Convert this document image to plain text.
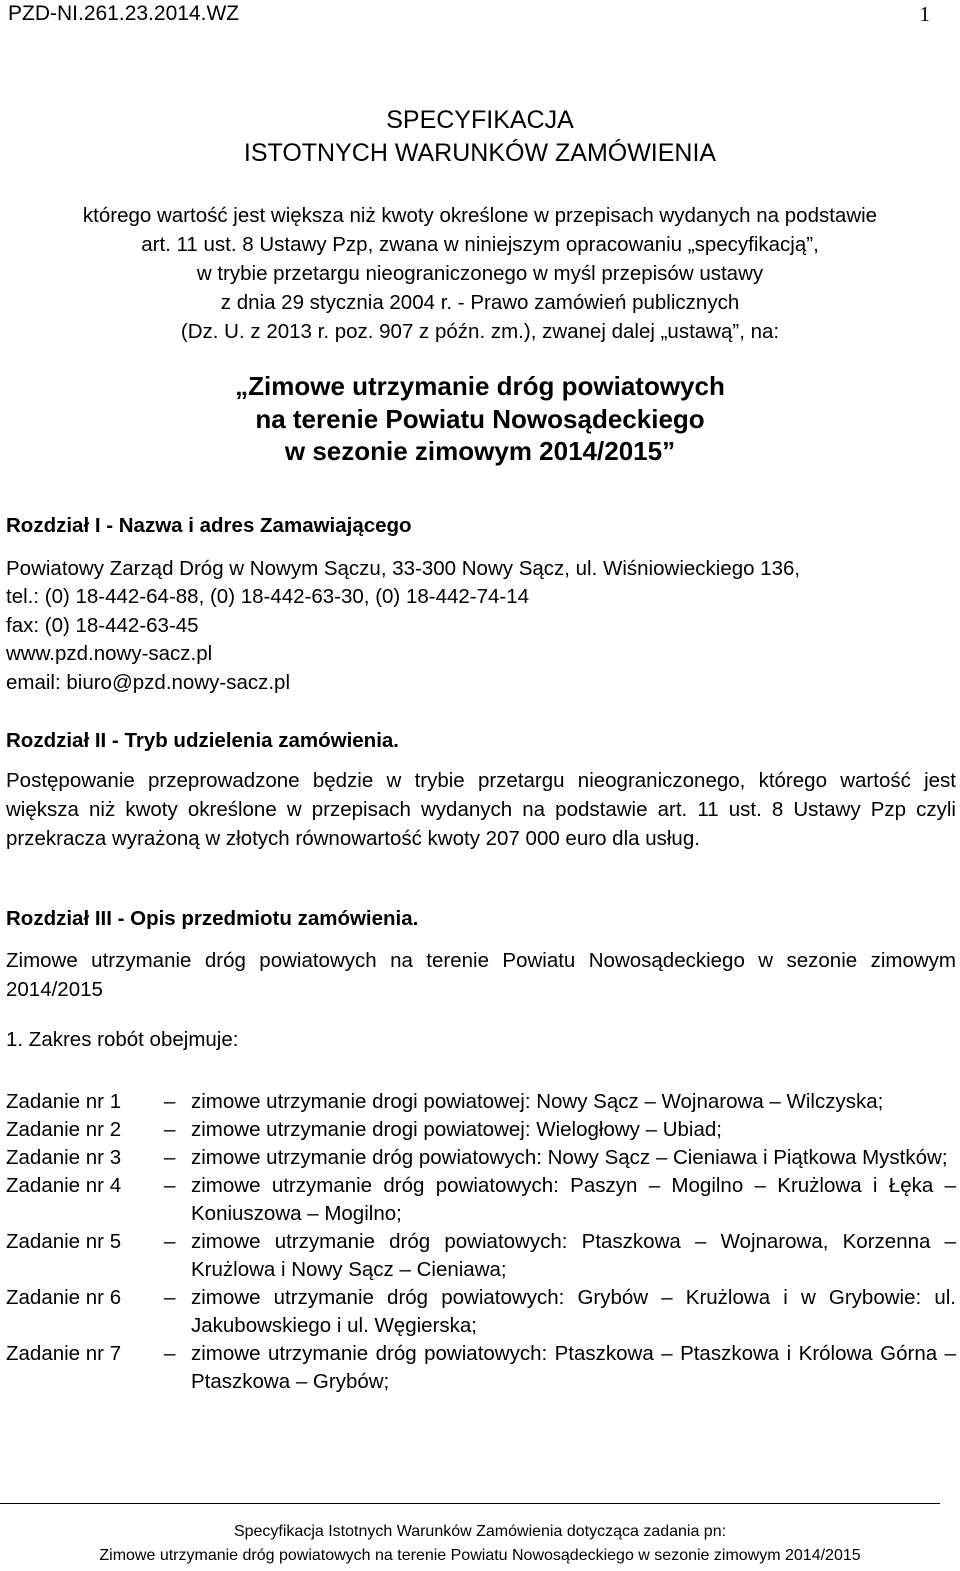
PZD-NI.261.23.2014.WZ	1
SPECYFIKACJA
ISTOTNYCH WARUNKÓW ZAMÓWIENIA
którego wartość jest większa niż kwoty określone w przepisach wydanych na podstawie
art. 11 ust. 8 Ustawy Pzp, zwana w niniejszym opracowaniu „specyfikacją”,
w trybie przetargu nieograniczonego w myśl przepisów ustawy
z dnia 29 stycznia 2004 r. - Prawo zamówień publicznych
(Dz. U. z 2013 r. poz. 907 z późn. zm.), zwanej dalej „ustawą”, na:
„Zimowe utrzymanie dróg powiatowych
na terenie Powiatu Nowosądeckiego
w sezonie zimowym 2014/2015”
Rozdział I - Nazwa i adres Zamawiającego
Powiatowy Zarząd Dróg w Nowym Sączu, 33-300 Nowy Sącz, ul. Wiśniowieckiego 136,
tel.: (0) 18-442-64-88, (0) 18-442-63-30, (0) 18-442-74-14
fax: (0) 18-442-63-45
www.pzd.nowy-sacz.pl
email: biuro@pzd.nowy-sacz.pl
Rozdział II - Tryb udzielenia zamówienia.
Postępowanie przeprowadzone będzie w trybie przetargu nieograniczonego, którego wartość jest większa niż kwoty określone w przepisach wydanych na podstawie art. 11 ust. 8 Ustawy Pzp czyli przekracza wyrażoną w złotych równowartość kwoty 207 000 euro dla usług.
Rozdział III - Opis przedmiotu zamówienia.
Zimowe utrzymanie dróg powiatowych na terenie Powiatu Nowosądeckiego w sezonie zimowym 2014/2015
1. Zakres robót obejmuje:
Zadanie nr 1 – zimowe utrzymanie drogi powiatowej: Nowy Sącz – Wojnarowa – Wilczyska;
Zadanie nr 2 – zimowe utrzymanie drogi powiatowej: Wielogłowy – Ubiad;
Zadanie nr 3 – zimowe utrzymanie dróg powiatowych: Nowy Sącz – Cieniawa i Piątkowa Mystków;
Zadanie nr 4 – zimowe utrzymanie dróg powiatowych: Paszyn – Mogilno – Krużlowa i Łęka – Koniuszowa – Mogilno;
Zadanie nr 5 – zimowe utrzymanie dróg powiatowych: Ptaszkowa – Wojnarowa, Korzenna – Krużlowa i Nowy Sącz – Cieniawa;
Zadanie nr 6 – zimowe utrzymanie dróg powiatowych: Grybów – Krużlowa i w Grybowie: ul. Jakubowskiego i ul. Węgierska;
Zadanie nr 7 – zimowe utrzymanie dróg powiatowych: Ptaszkowa – Ptaszkowa i Królowa Górna – Ptaszkowa – Grybów;
Specyfikacja Istotnych Warunków Zamówienia dotycząca zadania pn:
Zimowe utrzymanie dróg powiatowych na terenie Powiatu Nowosądeckiego w sezonie zimowym 2014/2015
